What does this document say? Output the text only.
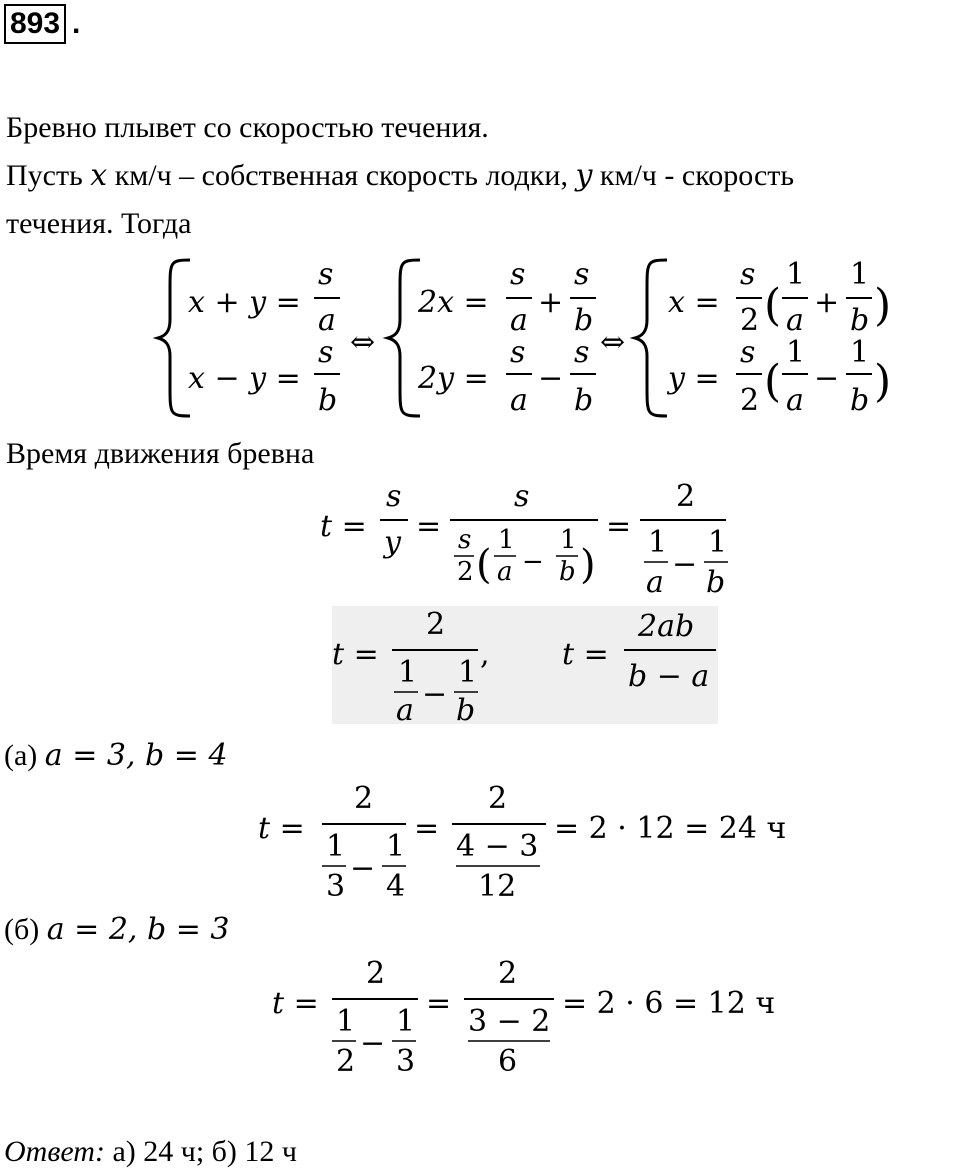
893 .
Бревно плывет со скоростью течения.
Пусть x км/ч – собственная скорость лодки, y км/ч - скорость
течения. Тогда
x + y =
s
a
x − y =
s
b
⇔
2x =
s
a
+
s
b
2y =
s
a
−
s
b
⇔
x =
s
2 (
1
a
+
1
b )
y =
s
2 (
1
a
−
1
b )
Время движения бревна
t =
s
y =
s
s
2 (
1
a −
1
b )
=
2
1
a
−
1
b
t =
2
1
a −
1
b
, t =
2ab
b − a
(а) a = 3, b = 4
t =
2
1
3
−
1
4
=
2
4 − 3
12
= 2 · 12 = 24 ч
(б) a = 2, b = 3
t =
2
1
2
−
1
3
=
2
3 − 2
6
= 2 · 6 = 12 ч
Ответ: а) 24 ч; б) 12 ч
